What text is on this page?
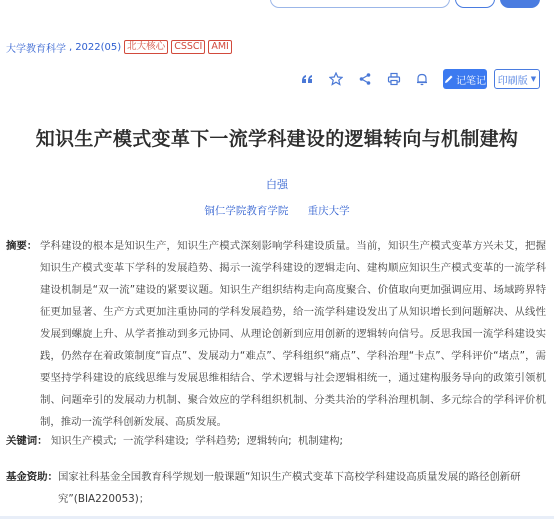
大学教育科学 , 2022(05) 北大核心 CSSCI AMI
记笔记 印刷版 ▼
知识生产模式变革下一流学科建设的逻辑转向与机制建构
白强
铜仁学院教育学院 重庆大学
摘要： 学科建设的根本是知识生产，知识生产模式深刻影响学科建设质量。当前，知识生产模式变革方兴未艾，把握知识生产模式变革下学科的发展趋势、揭示一流学科建设的逻辑走向、建构顺应知识生产模式变革的一流学科建设机制是“双一流”建设的紧要议题。知识生产组织结构走向高度聚合、价值取向更加强调应用、场域跨界特征更加显著、生产方式更加注重协同的学科发展趋势，给一流学科建设发出了从知识增长到问题解决、从线性发展到螺旋上升、从学者推动到多元协同、从理论创新到应用创新的逻辑转向信号。反思我国一流学科建设实践，仍然存在着政策制度“盲点”、发展动力“难点”、学科组织“痛点”、学科治理“卡点”、学科评价“堵点”，需要坚持学科建设的底线思维与发展思维相结合、学术逻辑与社会逻辑相统一，通过建构服务导向的政策引领机制、问题牵引的发展动力机制、聚合效应的学科组织机制、分类共治的学科治理机制、多元综合的学科评价机制，推动一流学科创新发展、高质发展。
关键词： 知识生产模式; 一流学科建设; 学科趋势; 逻辑转向; 机制建构;
基金资助： 国家社科基金全国教育科学规划一般课题“知识生产模式变革下高校学科建设高质量发展的路径创新研究”(BIA220053)；
